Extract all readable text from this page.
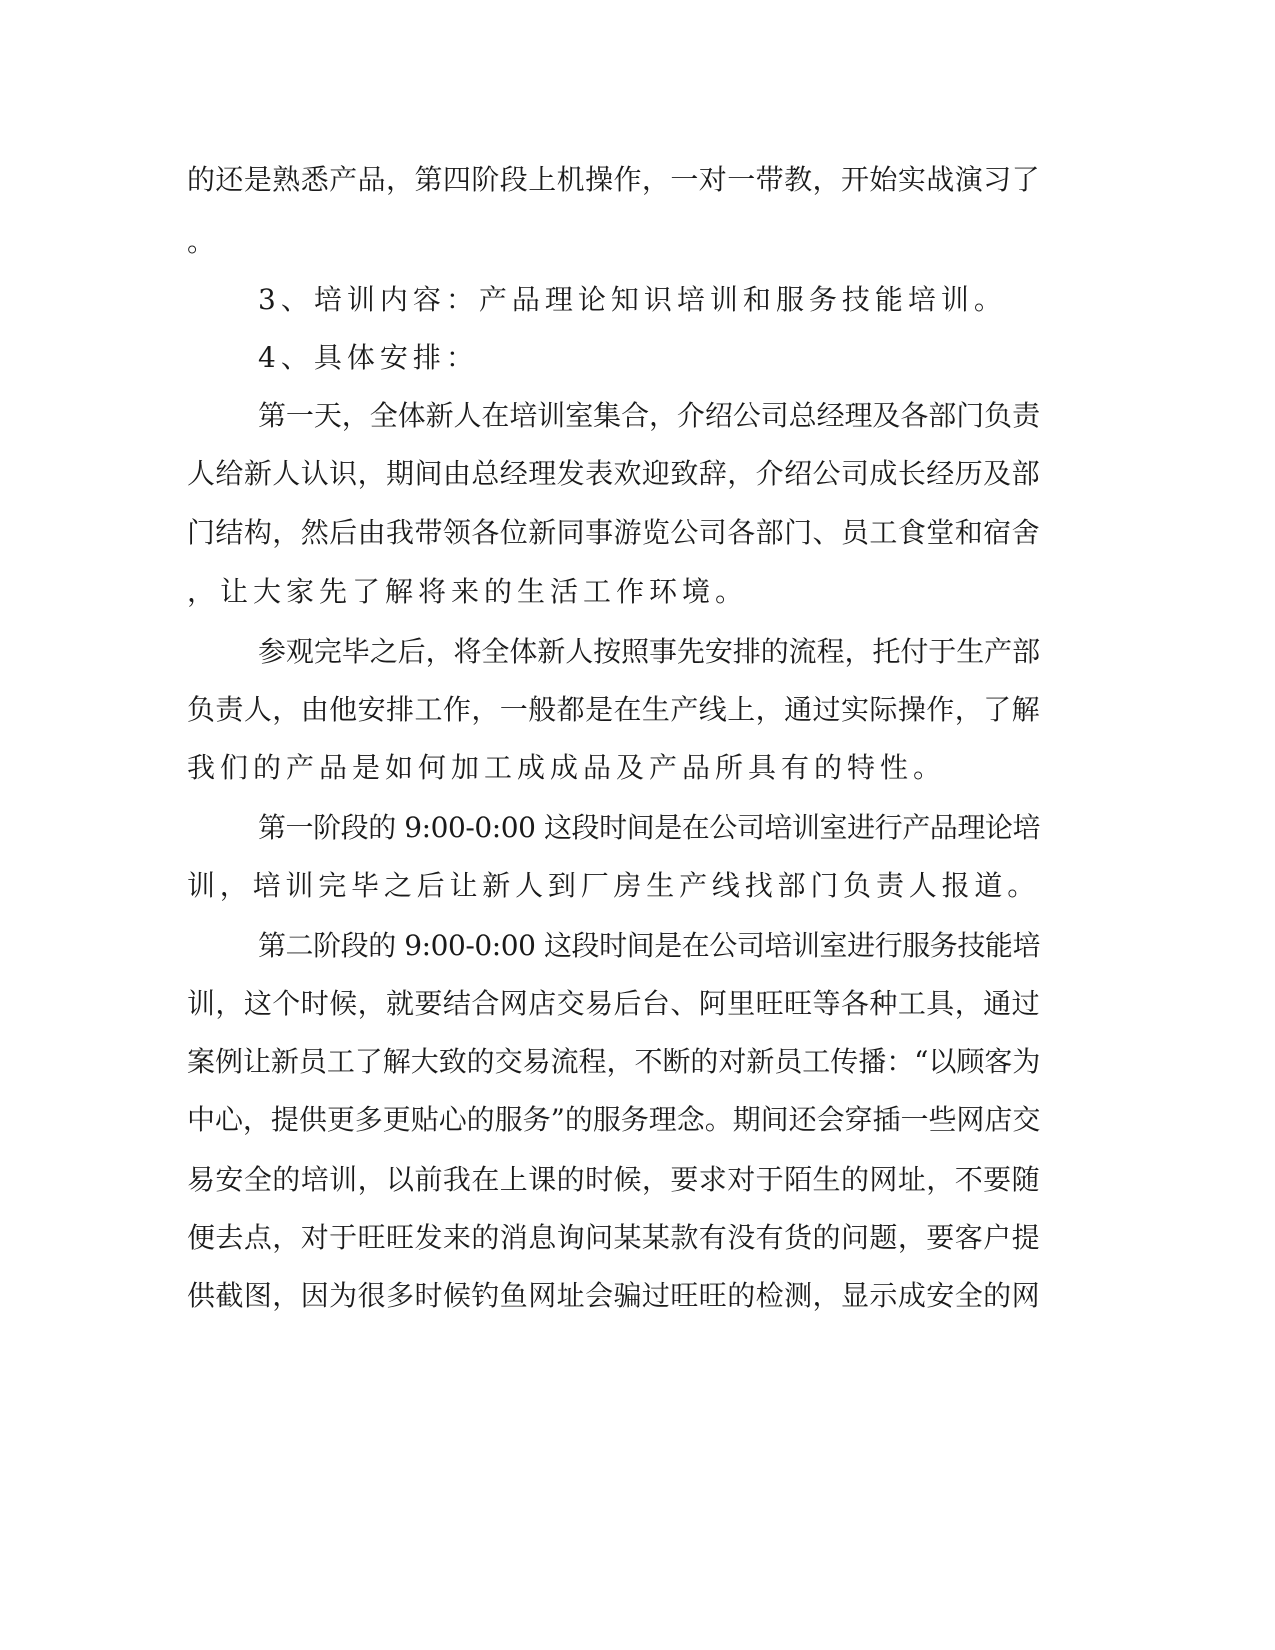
的还是熟悉产品，第四阶段上机操作，一对一带教，开始实战演习了
。
3、培训内容：产品理论知识培训和服务技能培训。
4、具体安排：
第一天，全体新人在培训室集合，介绍公司总经理及各部门负责
人给新人认识，期间由总经理发表欢迎致辞，介绍公司成长经历及部
门结构，然后由我带领各位新同事游览公司各部门、员工食堂和宿舍
，让大家先了解将来的生活工作环境。
参观完毕之后，将全体新人按照事先安排的流程，托付于生产部
负责人，由他安排工作，一般都是在生产线上，通过实际操作，了解
我们的产品是如何加工成成品及产品所具有的特性。
第一阶段的 9:00-0:00 这段时间是在公司培训室进行产品理论培
训，培训完毕之后让新人到厂房生产线找部门负责人报道。
第二阶段的 9:00-0:00 这段时间是在公司培训室进行服务技能培
训，这个时候，就要结合网店交易后台、阿里旺旺等各种工具，通过
案例让新员工了解大致的交易流程，不断的对新员工传播：“以顾客为
中心，提供更多更贴心的服务”的服务理念。期间还会穿插一些网店交
易安全的培训，以前我在上课的时候，要求对于陌生的网址，不要随
便去点，对于旺旺发来的消息询问某某款有没有货的问题，要客户提
供截图，因为很多时候钓鱼网址会骗过旺旺的检测，显示成安全的网
